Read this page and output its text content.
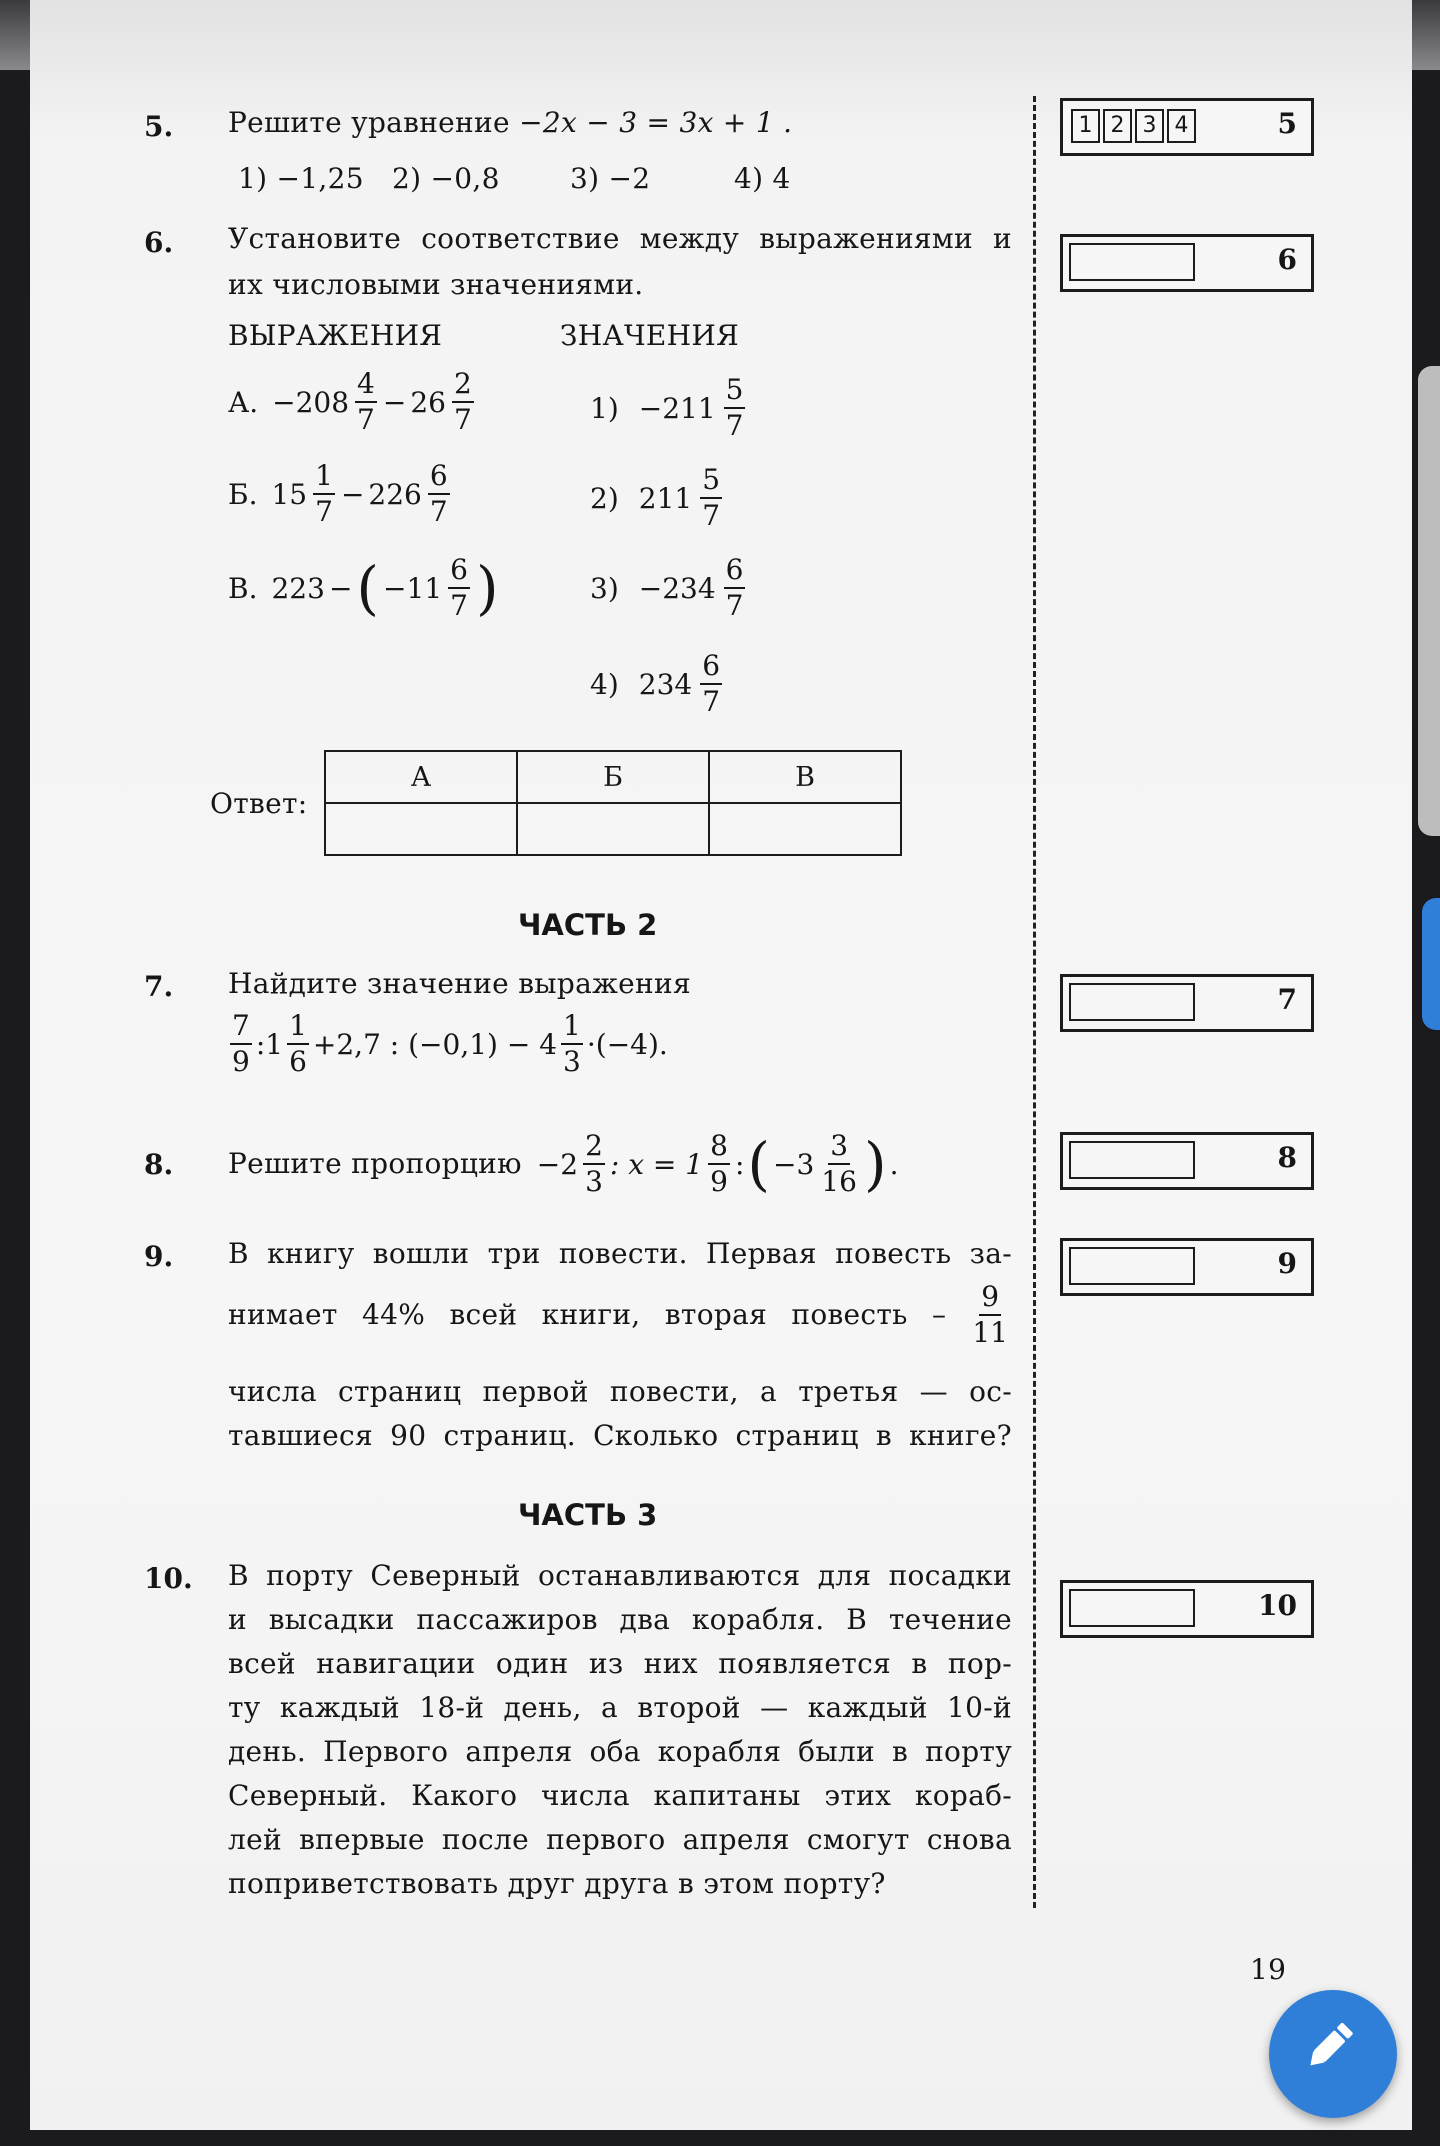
5. Решите уравнение −2x − 3 = 3x + 1 .
1) −1,25 2) −0,8	3) −2	4) 4
1 2 3 4	5
6. Установите соответствие между выражениями и
их числовыми значениями.
6
ВЫРАЖЕНИЯ	ЗНАЧЕНИЯ
А. $-208 \frac{4}{7} - 26 \frac{2}{7}$
Б. $15 \frac{1}{7} - 226 \frac{6}{7}$
В. 223 − ( $-11 \frac{6}{7}$ )
$1) -211 \frac{5}{7}$
2) $211 \frac{5}{7}$
$3) -234 \frac{6}{7}$
4) $234 \frac{6}{7}$
Ответ:
А	Б	В

ЧАСТЬ 2
7. Найдите значение выражения
$\frac{7}{9}$ :1 $\frac{1}{6} +2,7$ : $(-0,1) - 4 \frac{1}{3} \cdot(-4)$.
7
8. Решите пропорцию $-2 \frac{2}{3}$ : $x = 1 \frac{8}{9}$ : ( $-3 \frac{3}{16}$ ) .	8
9. В книгу вошли три повести. Первая повесть за-
нимает 44% всей книги, вторая повесть – $\frac{9}{11}$
числа страниц первой повести, а третья — ос-
тавшиеся 90 страниц. Сколько страниц в книге?
9
ЧАСТЬ 3
10. В порту Северный останавливаются для посадки
и высадки пассажиров два корабля. В течение
всей навигации один из них появляется в пор-
ту каждый 18-й день, а второй — каждый 10-й
день. Первого апреля оба корабля были в порту
Северный. Какого числа капитаны этих кораб-
лей впервые после первого апреля смогут снова
поприветствовать друг друга в этом порту?
10
19
